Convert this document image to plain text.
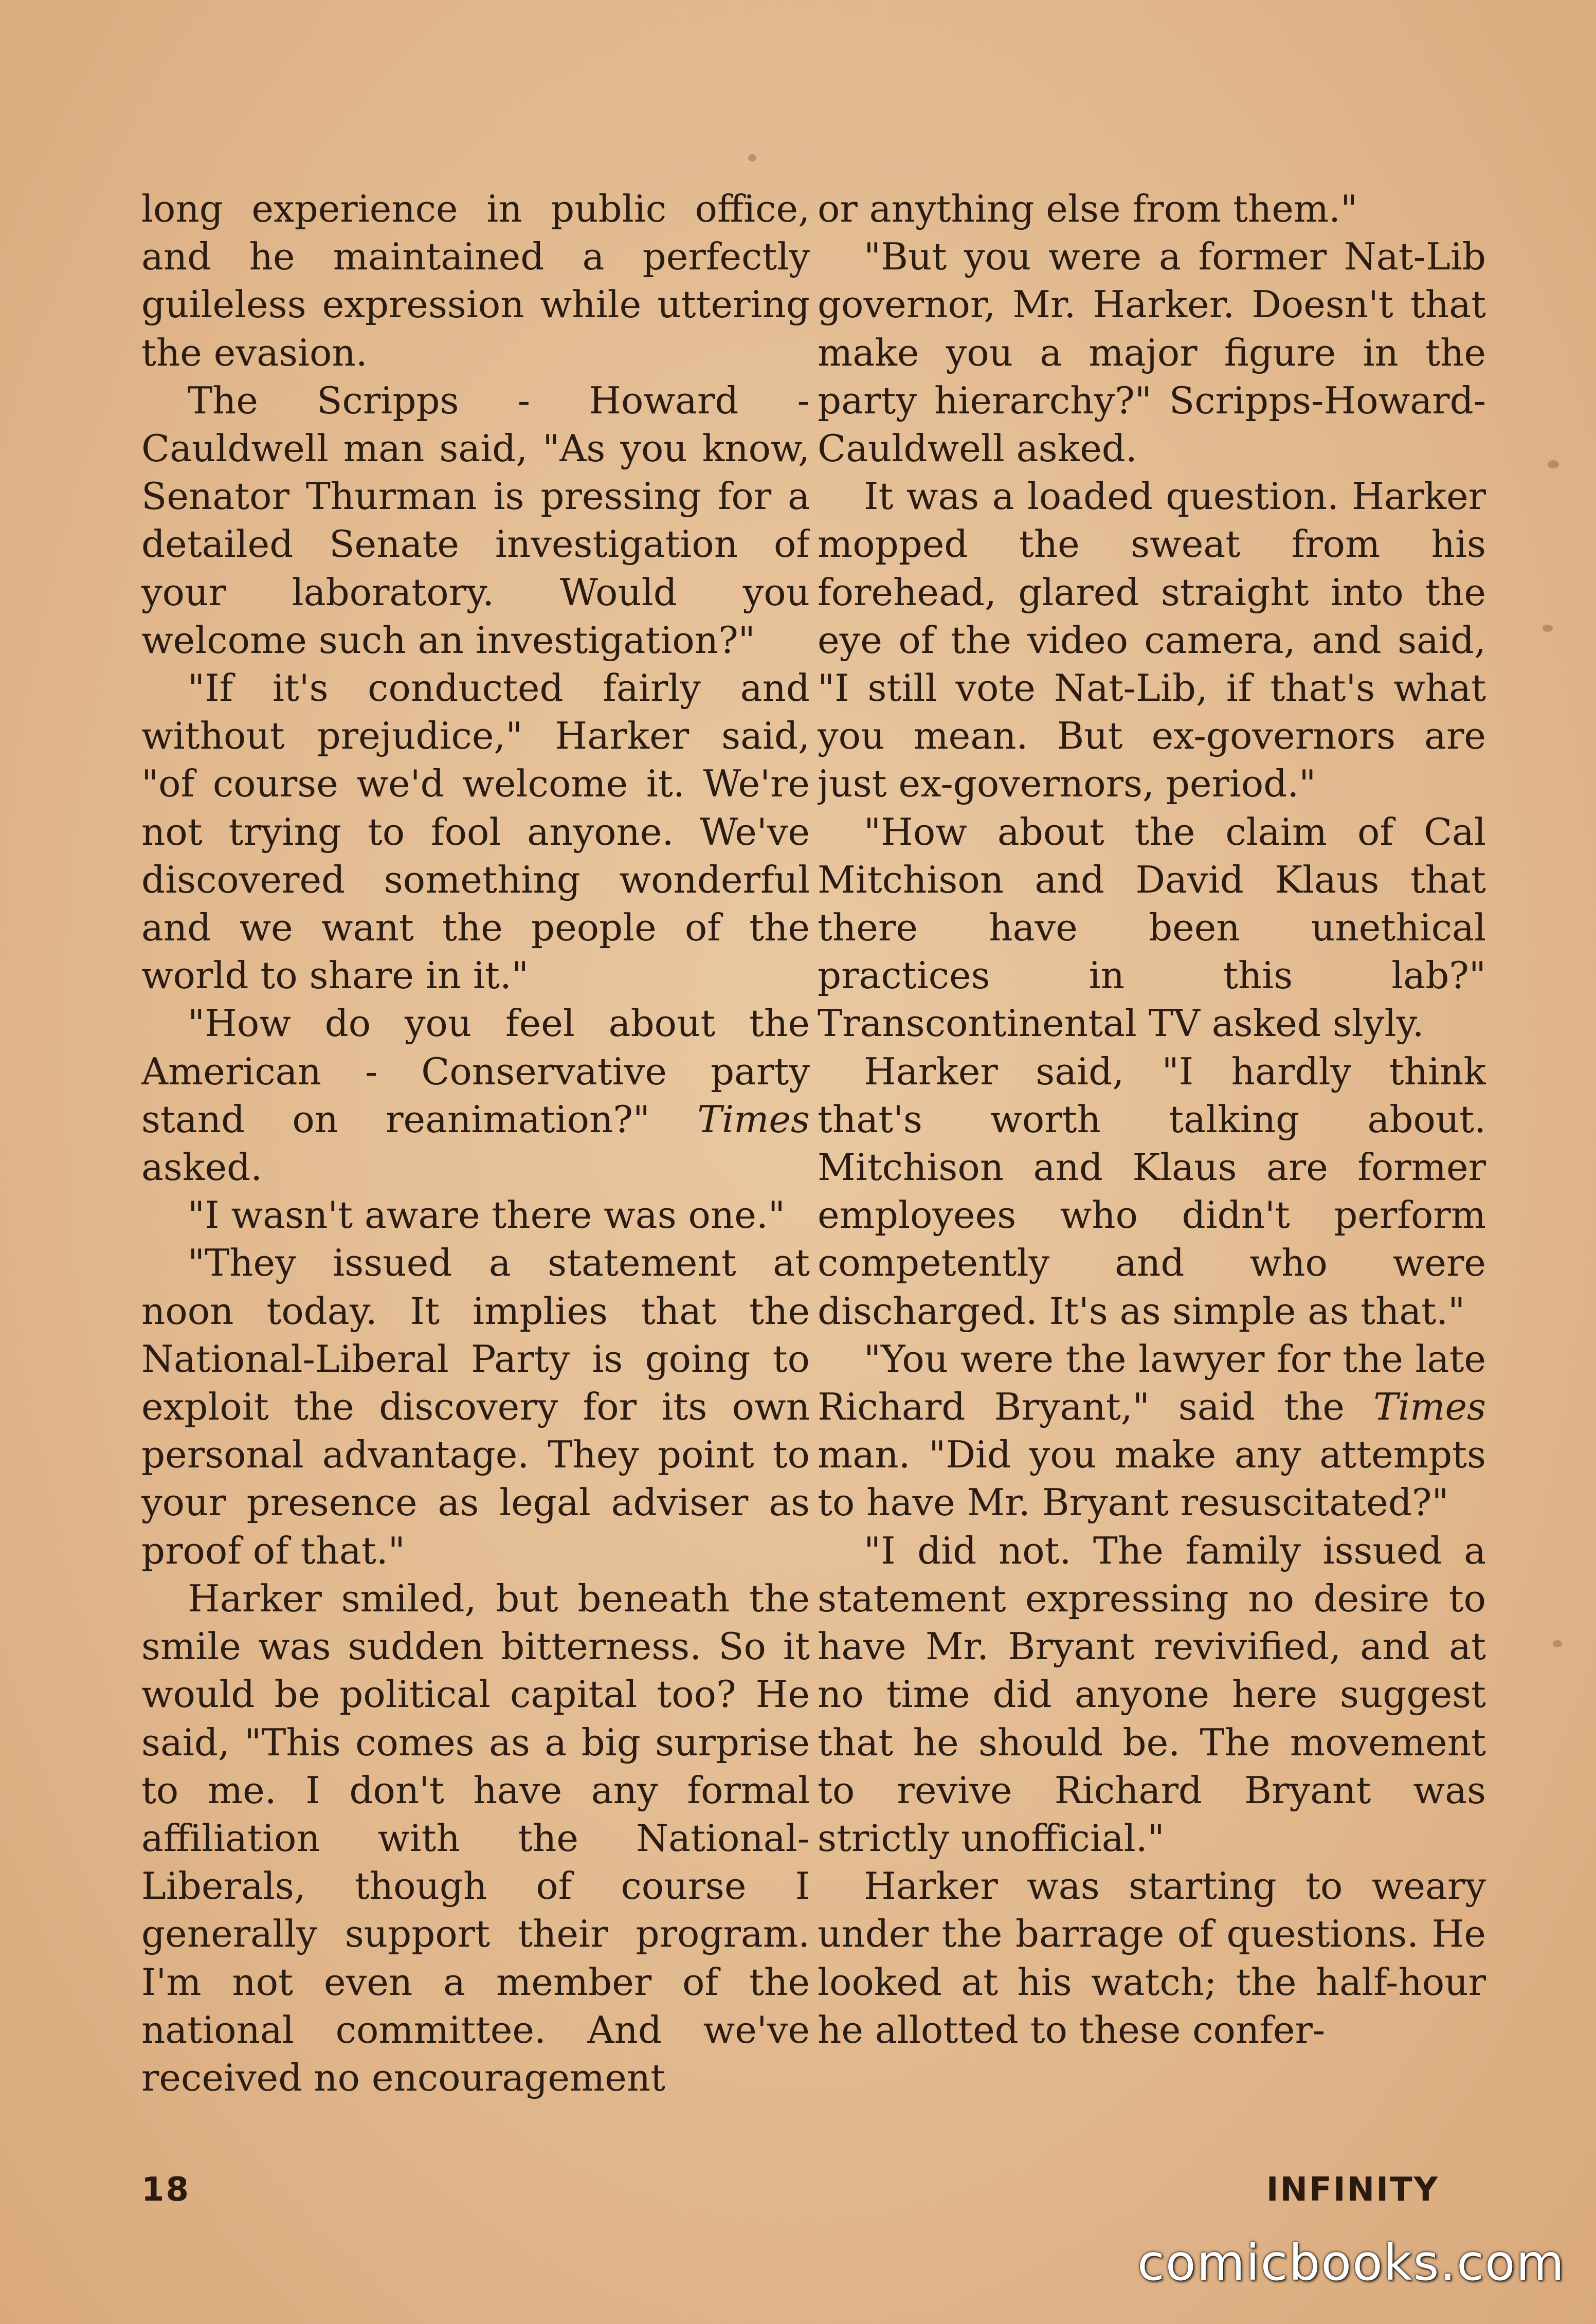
long experience in public office, and he maintained a perfectly guileless expression while uttering the evasion.

The Scripps - Howard - Cauldwell man said, "As you know, Senator Thurman is pressing for a detailed Senate investigation of your laboratory. Would you welcome such an investigation?"

"If it's conducted fairly and without prejudice," Harker said, "of course we'd welcome it. We're not trying to fool anyone. We've discovered something wonderful and we want the people of the world to share in it."

"How do you feel about the American - Conservative party stand on reanimation?" Times asked.

"I wasn't aware there was one."

"They issued a statement at noon today. It implies that the National-Liberal Party is going to exploit the discovery for its own personal advantage. They point to your presence as legal adviser as proof of that."

Harker smiled, but beneath the smile was sudden bitterness. So it would be political capital too? He said, "This comes as a big surprise to me. I don't have any formal affiliation with the National-Liberals, though of course I generally support their program. I'm not even a member of the national committee. And we've received no encouragement

or anything else from them."

"But you were a former Nat-Lib governor, Mr. Harker. Doesn't that make you a major figure in the party hierarchy?" Scripps-Howard-Cauldwell asked.

It was a loaded question. Harker mopped the sweat from his forehead, glared straight into the eye of the video camera, and said, "I still vote Nat-Lib, if that's what you mean. But ex-governors are just ex-governors, period."

"How about the claim of Cal Mitchison and David Klaus that there have been unethical practices in this lab?" Transcontinental TV asked slyly.

Harker said, "I hardly think that's worth talking about. Mitchison and Klaus are former employees who didn't perform competently and who were discharged. It's as simple as that."

"You were the lawyer for the late Richard Bryant," said the Times man. "Did you make any attempts to have Mr. Bryant resuscitated?"

"I did not. The family issued a statement expressing no desire to have Mr. Bryant revivified, and at no time did anyone here suggest that he should be. The movement to revive Richard Bryant was strictly unofficial."

Harker was starting to weary under the barrage of questions. He looked at his watch; the half-hour he allotted to these confer-

18	INFINITY
comicbooks.com
